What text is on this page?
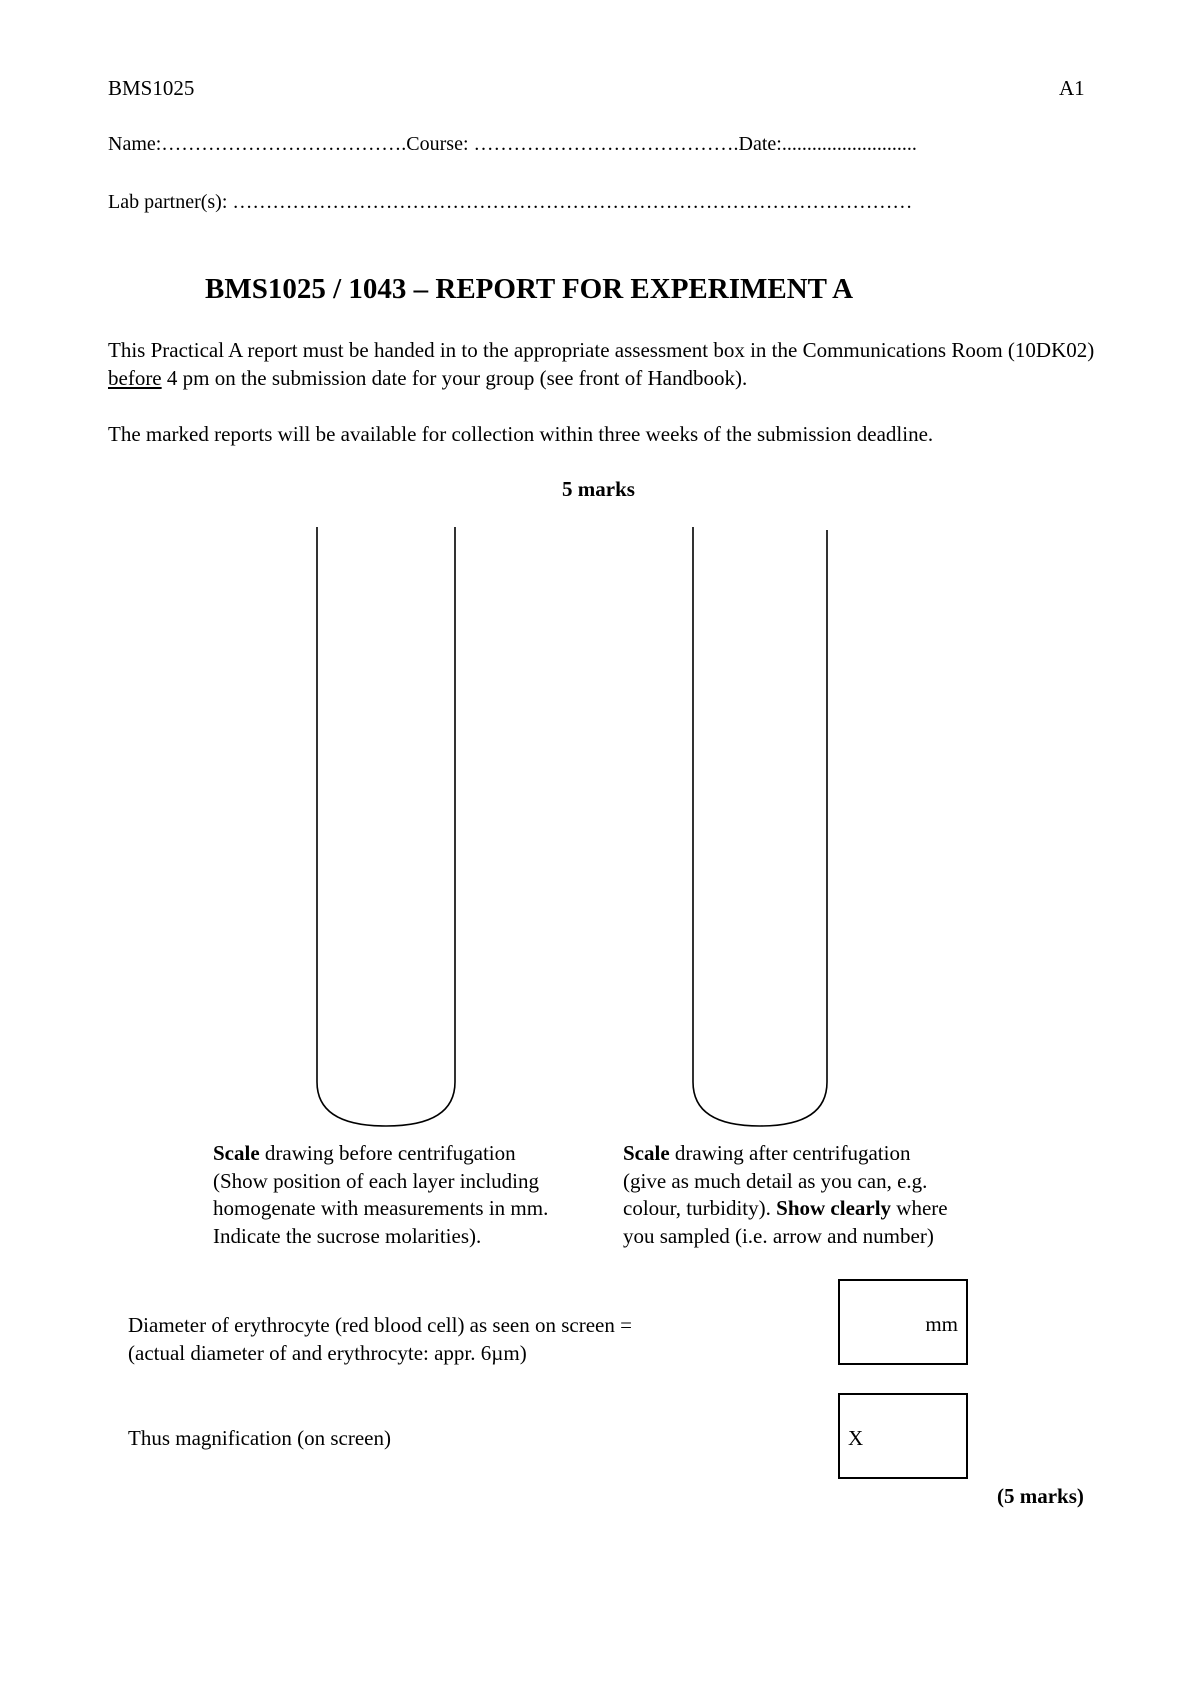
BMS1025	A1
Name:……………………………….Course: ………………………………….Date:...........................
Lab partner(s): …………………………………………………………………………………………
BMS1025 / 1043 – REPORT FOR EXPERIMENT A
This Practical A report must be handed in to the appropriate assessment box in the Communications Room (10DK02) before 4 pm on the submission date for your group (see front of Handbook).
The marked reports will be available for collection within three weeks of the submission deadline.
5 marks
Scale drawing before centrifugation
(Show position of each layer including
homogenate with measurements in mm.
Indicate the sucrose molarities).
Scale drawing after centrifugation
(give as much detail as you can, e.g.
colour, turbidity). Show clearly where
you sampled (i.e. arrow and number)
Diameter of erythrocyte (red blood cell) as seen on screen =
(actual diameter of and erythrocyte: appr. 6µm)
mm
Thus magnification (on screen)	X
(5 marks)
